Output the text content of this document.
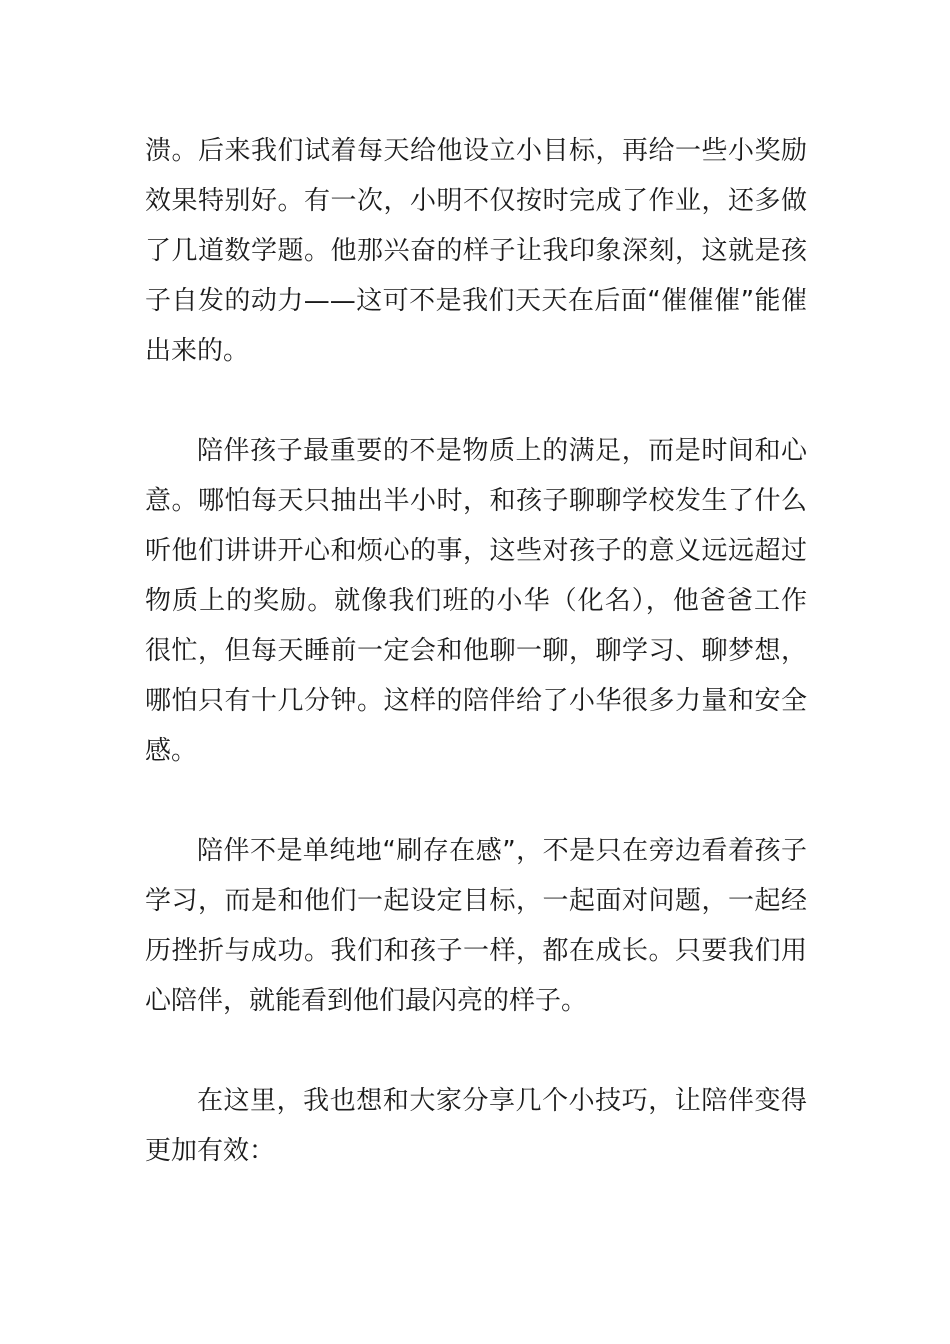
溃。后来我们试着每天给他设立小目标，再给一些小奖励效果特别好。有一次，小明不仅按时完成了作业，还多做了几道数学题。他那兴奋的样子让我印象深刻，这就是孩子自发的动力——这可不是我们天天在后面“催催催”能催出来的。

陪伴孩子最重要的不是物质上的满足，而是时间和心意。哪怕每天只抽出半小时，和孩子聊聊学校发生了什么听他们讲讲开心和烦心的事，这些对孩子的意义远远超过物质上的奖励。就像我们班的小华（化名），他爸爸工作很忙，但每天睡前一定会和他聊一聊，聊学习、聊梦想，哪怕只有十几分钟。这样的陪伴给了小华很多力量和安全感。

陪伴不是单纯地“刷存在感”，不是只在旁边看着孩子学习，而是和他们一起设定目标，一起面对问题，一起经历挫折与成功。我们和孩子一样，都在成长。只要我们用心陪伴，就能看到他们最闪亮的样子。

在这里，我也想和大家分享几个小技巧，让陪伴变得更加有效：
